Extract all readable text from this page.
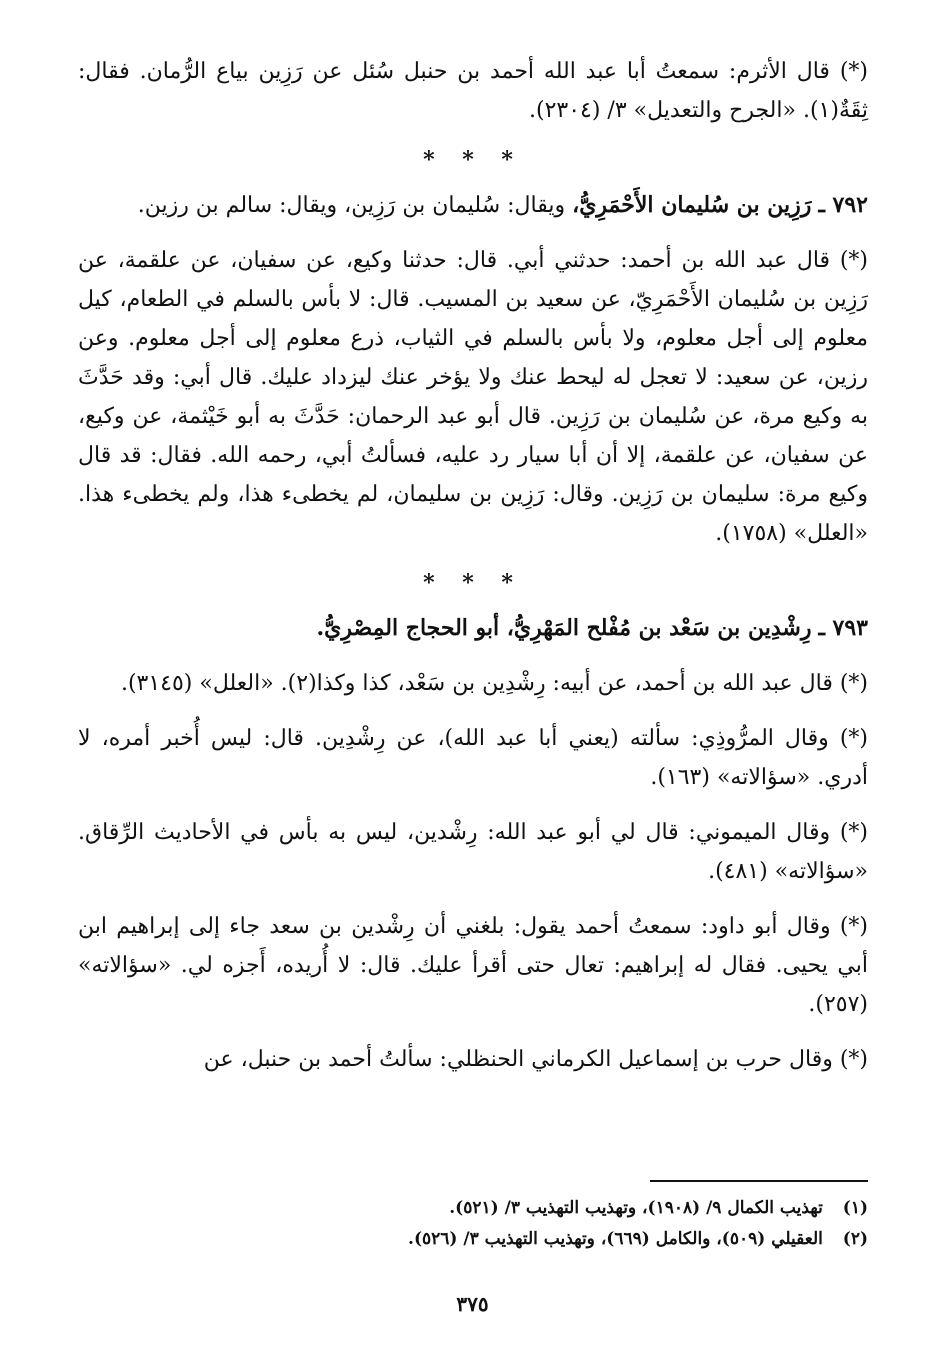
(*) قال الأثرم: سمعتُ أبا عبد الله أحمد بن حنبل سُئل عن رَزِين بياع الرُّمان. فقال: ثِقَةٌ(١). «الجرح والتعديل» ٣/ (٢٣٠٤).

* * *

٧٩٢ ـ رَزِين بن سُليمان الأَحْمَرِيُّ، ويقال: سُليمان بن رَزِين، ويقال: سالم بن رزين.

(*) قال عبد الله بن أحمد: حدثني أبي. قال: حدثنا وكيع، عن سفيان، عن علقمة، عن رَزِين بن سُليمان الأَحْمَرِيّ، عن سعيد بن المسيب. قال: لا بأس بالسلم في الطعام، كيل معلوم إلى أجل معلوم، ولا بأس بالسلم في الثياب، ذرع معلوم إلى أجل معلوم. وعن رزين، عن سعيد: لا تعجل له ليحط عنك ولا يؤخر عنك ليزداد عليك. قال أبي: وقد حَدَّثَ به وكيع مرة، عن سُليمان بن رَزِين. قال أبو عبد الرحمان: حَدَّثَ به أبو خَيْثمة، عن وكيع، عن سفيان، عن علقمة، إلا أن أبا سيار رد عليه، فسألتُ أبي، رحمه الله. فقال: قد قال وكيع مرة: سليمان بن رَزِين. وقال: رَزِين بن سليمان، لم يخطىء هذا، ولم يخطىء هذا. «العلل» (١٧٥٨).

* * *

٧٩٣ ـ رِشْدِين بن سَعْد بن مُفْلح المَهْرِيُّ، أبو الحجاج المِصْرِيُّ.

(*) قال عبد الله بن أحمد، عن أبيه: رِشْدِين بن سَعْد، كذا وكذا(٢). «العلل» (٣١٤٥).

(*) وقال المرُّوذِي: سألته (يعني أبا عبد الله)، عن رِشْدِين. قال: ليس أُخبر أمره، لا أدري. «سؤالاته» (١٦٣).

(*) وقال الميموني: قال لي أبو عبد الله: رِشْدين، ليس به بأس في الأحاديث الرِّقاق. «سؤالاته» (٤٨١).

(*) وقال أبو داود: سمعتُ أحمد يقول: بلغني أن رِشْدين بن سعد جاء إلى إبراهيم ابن أبي يحيى. فقال له إبراهيم: تعال حتى أقرأ عليك. قال: لا أُريده، أَجزه لي. «سؤالاته» (٢٥٧).

(*) وقال حرب بن إسماعيل الكرماني الحنظلي: سألتُ أحمد بن حنبل، عن

(١) تهذيب الكمال ٩/ (١٩٠٨)، وتهذيب التهذيب ٣/ (٥٢١).

(٢) العقيلي (٥٠٩)، والكامل (٦٦٩)، وتهذيب التهذيب ٣/ (٥٢٦).

٣٧٥
